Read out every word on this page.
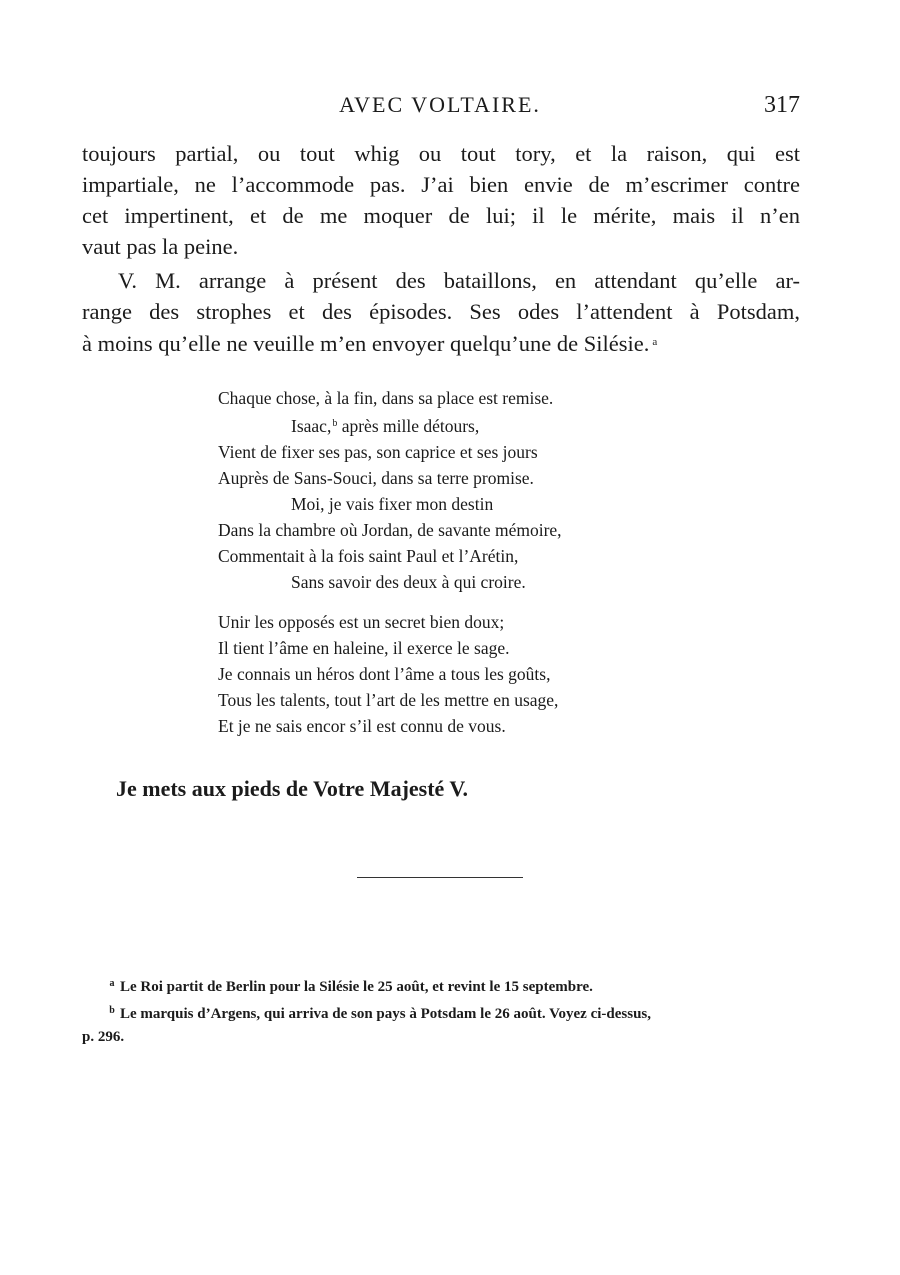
AVEC VOLTAIRE.	317
toujours partial, ou tout whig ou tout tory, et la raison, qui est
impartiale, ne l’accommode pas. J’ai bien envie de m’escrimer contre
cet impertinent, et de me moquer de lui; il le mérite, mais il n’en
vaut pas la peine.
V. M. arrange à présent des bataillons, en attendant qu’elle ar-
range des strophes et des épisodes. Ses odes l’attendent à Potsdam,
à moins qu’elle ne veuille m’en envoyer quelqu’une de Silésie. $^a$
Chaque chose, à la fin, dans sa place est remise.
Isaac,$^b$ après mille détours,
Vient de fixer ses pas, son caprice et ses jours
Auprès de Sans-Souci, dans sa terre promise.
Moi, je vais fixer mon destin
Dans la chambre où Jordan, de savante mémoire,
Commentait à la fois saint Paul et l’Arétin,
Sans savoir des deux à qui croire.
Unir les opposés est un secret bien doux;
Il tient l’âme en haleine, il exerce le sage.
Je connais un héros dont l’âme a tous les goûts,
Tous les talents, tout l’art de les mettre en usage,
Et je ne sais encor s’il est connu de vous.
Je mets aux pieds de Votre Majesté V.
a Le Roi partit de Berlin pour la Silésie le 25 août, et revint le 15 septembre.
b Le marquis d’Argens, qui arriva de son pays à Potsdam le 26 août. Voyez ci-dessus,
p. 296.
